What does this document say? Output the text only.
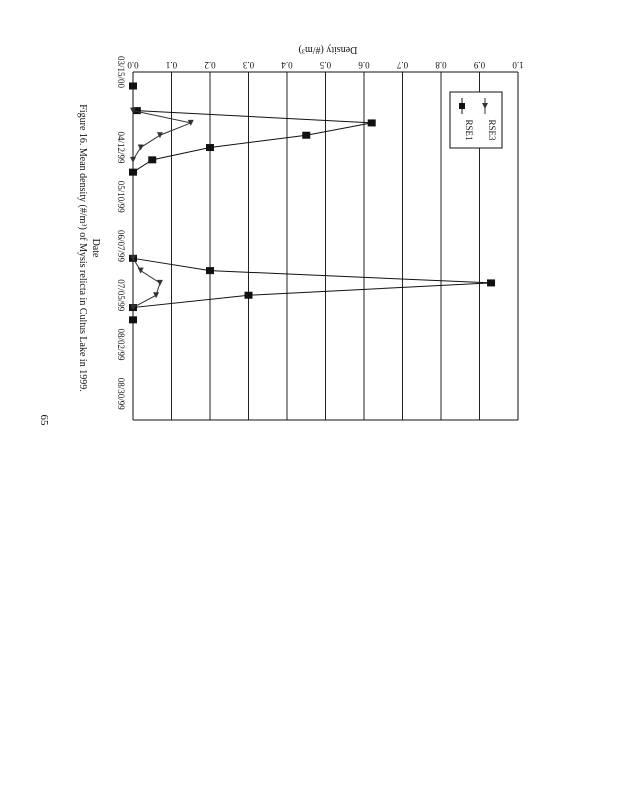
Figure 16. Mean density (#/m³) of Mysis relicta in Cultus Lake in 1999.
65
Date
Density (#/m³)
0.0	0.1	0.2	0.3	0.4	0.5	0.6	0.7	0.8	0.9	1.0
03/15/00
04/12/99
05/10/99
06/07/99
07/05/99
08/02/99
08/30/99
RSE1 RSE3
